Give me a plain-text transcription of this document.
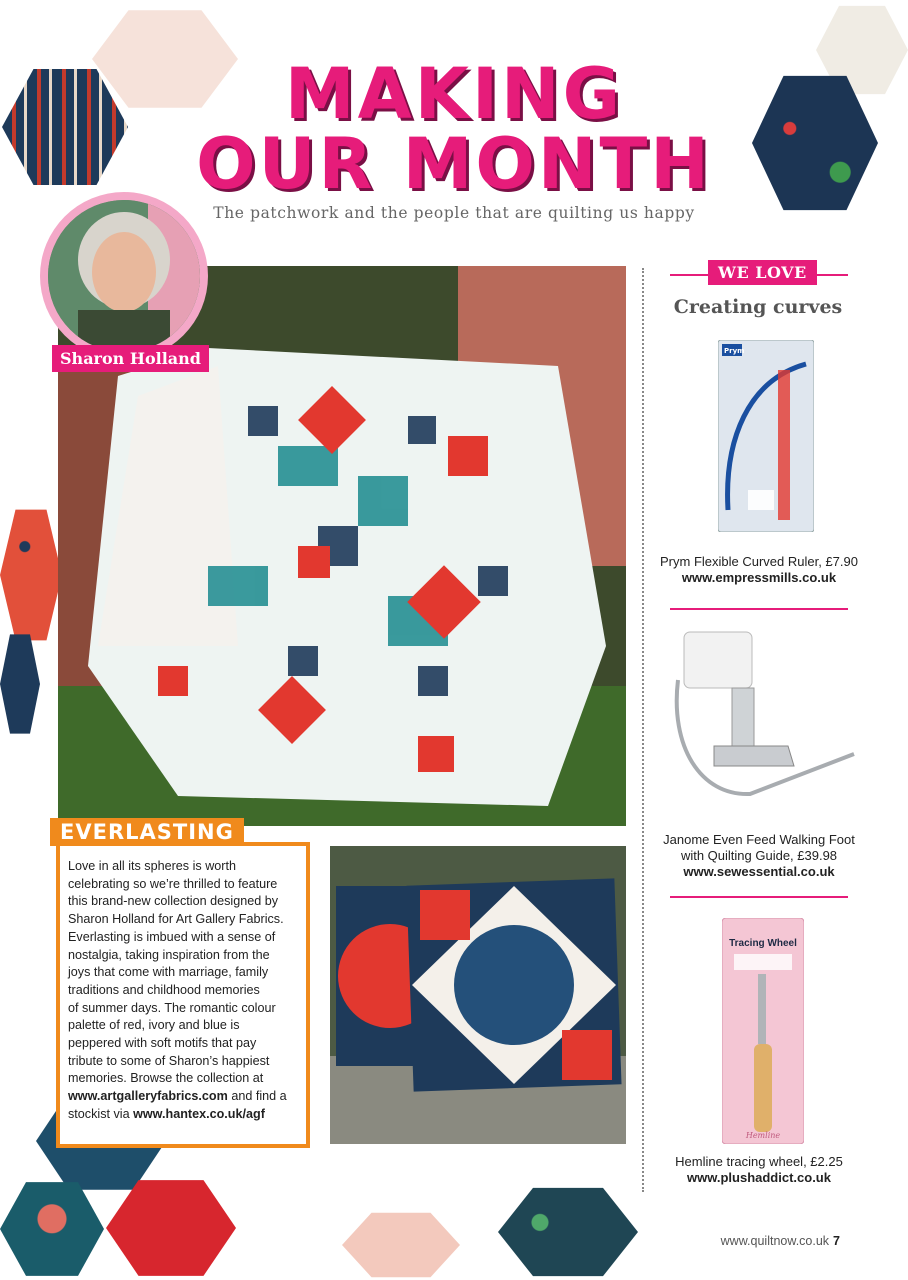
MAKING
OUR MONTH
The patchwork and the people that are quilting us happy
Sharon Holland
EVERLASTING
Love in all its spheres is worth
celebrating so we’re thrilled to feature
this brand-new collection designed by
Sharon Holland for Art Gallery Fabrics.
Everlasting is imbued with a sense of
nostalgia, taking inspiration from the
joys that come with marriage, family
traditions and childhood memories
of summer days. The romantic colour
palette of red, ivory and blue is
peppered with soft motifs that pay
tribute to some of Sharon’s happiest
memories. Browse the collection at
www.artgalleryfabrics.com and find a
stockist via www.hantex.co.uk/agf
WE LOVE
Creating curves
Prym
Prym Flexible Curved Ruler, £7.90
www.empressmills.co.uk
Janome Even Feed Walking Foot
with Quilting Guide, £39.98
www.sewessential.co.uk
Tracing Wheel
Hemline
Hemline tracing wheel, £2.25
www.plushaddict.co.uk
www.quiltnow.co.uk 7
